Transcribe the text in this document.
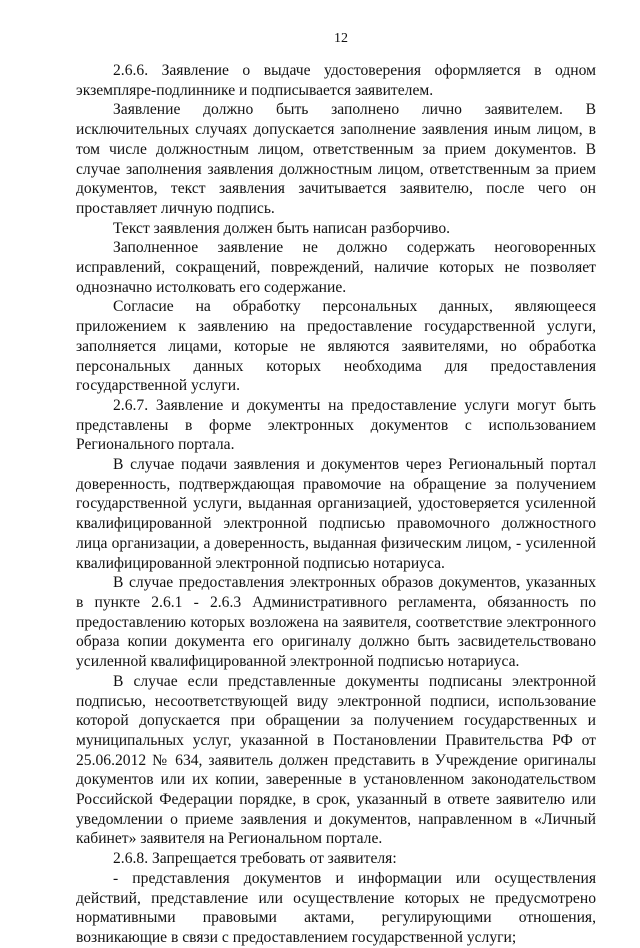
12

2.6.6. Заявление о выдаче удостоверения оформляется в одном экземпляре-подлиннике и подписывается заявителем.

Заявление должно быть заполнено лично заявителем. В исключительных случаях допускается заполнение заявления иным лицом, в том числе должностным лицом, ответственным за прием документов. В случае заполнения заявления должностным лицом, ответственным за прием документов, текст заявления зачитывается заявителю, после чего он проставляет личную подпись.

Текст заявления должен быть написан разборчиво.

Заполненное заявление не должно содержать неоговоренных исправлений, сокращений, повреждений, наличие которых не позволяет однозначно истолковать его содержание.

Согласие на обработку персональных данных, являющееся приложением к заявлению на предоставление государственной услуги, заполняется лицами, которые не являются заявителями, но обработка персональных данных которых необходима для предоставления государственной услуги.

2.6.7. Заявление и документы на предоставление услуги могут быть представлены в форме электронных документов с использованием Регионального портала.

В случае подачи заявления и документов через Региональный портал доверенность, подтверждающая правомочие на обращение за получением государственной услуги, выданная организацией, удостоверяется усиленной квалифицированной электронной подписью правомочного должностного лица организации, а доверенность, выданная физическим лицом, - усиленной квалифицированной электронной подписью нотариуса.

В случае предоставления электронных образов документов, указанных в пункте 2.6.1 - 2.6.3 Административного регламента, обязанность по предоставлению которых возложена на заявителя, соответствие электронного образа копии документа его оригиналу должно быть засвидетельствовано усиленной квалифицированной электронной подписью нотариуса.

В случае если представленные документы подписаны электронной подписью, несоответствующей виду электронной подписи, использование которой допускается при обращении за получением государственных и муниципальных услуг, указанной в Постановлении Правительства РФ от 25.06.2012 № 634, заявитель должен представить в Учреждение оригиналы документов или их копии, заверенные в установленном законодательством Российской Федерации порядке, в срок, указанный в ответе заявителю или уведомлении о приеме заявления и документов, направленном в «Личный кабинет» заявителя на Региональном портале.

2.6.8. Запрещается требовать от заявителя:

- представления документов и информации или осуществления действий, представление или осуществление которых не предусмотрено нормативными правовыми актами, регулирующими отношения, возникающие в связи с предоставлением государственной услуги;
